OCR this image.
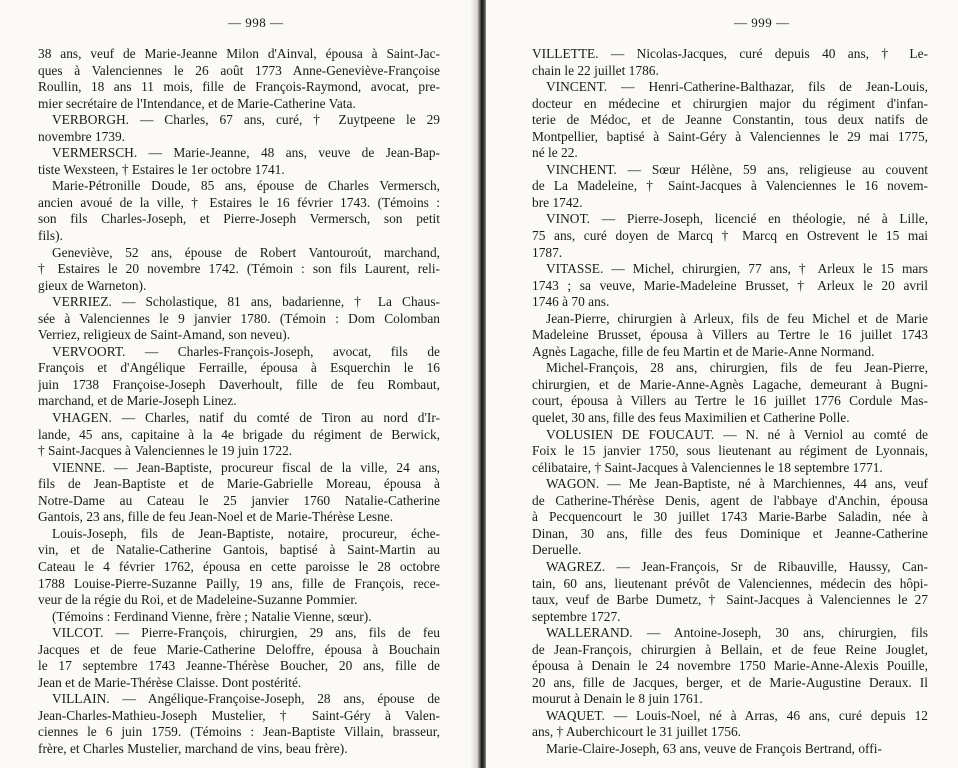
— 998 —
38 ans, veuf de Marie-Jeanne Milon d'Ainval, épousa à Saint-Jac-
ques à Valenciennes le 26 août 1773 Anne-Geneviève-Françoise
Roullin, 18 ans 11 mois, fille de François-Raymond, avocat, pre-
mier secrétaire de l'Intendance, et de Marie-Catherine Vata.
VERBORGH. — Charles, 67 ans, curé, † Zuytpeene le 29
novembre 1739.
VERMERSCH. — Marie-Jeanne, 48 ans, veuve de Jean-Bap-
tiste Wexsteen, † Estaires le 1er octobre 1741.
Marie-Pétronille Doude, 85 ans, épouse de Charles Vermersch,
ancien avoué de la ville, † Estaires le 16 février 1743. (Témoins :
son fils Charles-Joseph, et Pierre-Joseph Vermersch, son petit
fils).
Geneviève, 52 ans, épouse de Robert Vantouroút, marchand,
† Estaires le 20 novembre 1742. (Témoin : son fils Laurent, reli-
gieux de Warneton).
VERRIEZ. — Scholastique, 81 ans, badarienne, † La Chaus-
sée à Valenciennes le 9 janvier 1780. (Témoin : Dom Colomban
Verriez, religieux de Saint-Amand, son neveu).
VERVOORT. — Charles-François-Joseph, avocat, fils de
François et d'Angélique Ferraille, épousa à Esquerchin le 16
juin 1738 Françoise-Joseph Daverhoult, fille de feu Rombaut,
marchand, et de Marie-Joseph Linez.
VHAGEN. — Charles, natif du comté de Tiron au nord d'Ir-
lande, 45 ans, capitaine à la 4e brigade du régiment de Berwick,
† Saint-Jacques à Valenciennes le 19 juin 1722.
VIENNE. — Jean-Baptiste, procureur fiscal de la ville, 24 ans,
fils de Jean-Baptiste et de Marie-Gabrielle Moreau, épousa à
Notre-Dame au Cateau le 25 janvier 1760 Natalie-Catherine
Gantois, 23 ans, fille de feu Jean-Noel et de Marie-Thérèse Lesne.
Louis-Joseph, fils de Jean-Baptiste, notaire, procureur, éche-
vin, et de Natalie-Catherine Gantois, baptisé à Saint-Martin au
Cateau le 4 février 1762, épousa en cette paroisse le 28 octobre
1788 Louise-Pierre-Suzanne Pailly, 19 ans, fille de François, rece-
veur de la régie du Roi, et de Madeleine-Suzanne Pommier.
(Témoins : Ferdinand Vienne, frère ; Natalie Vienne, sœur).
VILCOT. — Pierre-François, chirurgien, 29 ans, fils de feu
Jacques et de feue Marie-Catherine Deloffre, épousa à Bouchain
le 17 septembre 1743 Jeanne-Thérèse Boucher, 20 ans, fille de
Jean et de Marie-Thérèse Claisse. Dont postérité.
VILLAIN. — Angélique-Françoise-Joseph, 28 ans, épouse de
Jean-Charles-Mathieu-Joseph Mustelier, † Saint-Géry à Valen-
ciennes le 6 juin 1759. (Témoins : Jean-Baptiste Villain, brasseur,
frère, et Charles Mustelier, marchand de vins, beau frère).
— 999 —
VILLETTE. — Nicolas-Jacques, curé depuis 40 ans, † Le-
chain le 22 juillet 1786.
VINCENT. — Henri-Catherine-Balthazar, fils de Jean-Louis,
docteur en médecine et chirurgien major du régiment d'infan-
terie de Médoc, et de Jeanne Constantin, tous deux natifs de
Montpellier, baptisé à Saint-Géry à Valenciennes le 29 mai 1775,
né le 22.
VINCHENT. — Sœur Hélène, 59 ans, religieuse au couvent
de La Madeleine, † Saint-Jacques à Valenciennes le 16 novem-
bre 1742.
VINOT. — Pierre-Joseph, licencié en théologie, né à Lille,
75 ans, curé doyen de Marcq † Marcq en Ostrevent le 15 mai
1787.
VITASSE. — Michel, chirurgien, 77 ans, † Arleux le 15 mars
1743 ; sa veuve, Marie-Madeleine Brusset, † Arleux le 20 avril
1746 à 70 ans.
Jean-Pierre, chirurgien à Arleux, fils de feu Michel et de Marie
Madeleine Brusset, épousa à Villers au Tertre le 16 juillet 1743
Agnès Lagache, fille de feu Martin et de Marie-Anne Normand.
Michel-François, 28 ans, chirurgien, fils de feu Jean-Pierre,
chirurgien, et de Marie-Anne-Agnès Lagache, demeurant à Bugni-
court, épousa à Villers au Tertre le 16 juillet 1776 Cordule Mas-
quelet, 30 ans, fille des feus Maximilien et Catherine Polle.
VOLUSIEN DE FOUCAUT. — N. né à Verniol au comté de
Foix le 15 janvier 1750, sous lieutenant au régiment de Lyonnais,
célibataire, † Saint-Jacques à Valenciennes le 18 septembre 1771.
WAGON. — Me Jean-Baptiste, né à Marchiennes, 44 ans, veuf
de Catherine-Thérèse Denis, agent de l'abbaye d'Anchin, épousa
à Pecquencourt le 30 juillet 1743 Marie-Barbe Saladin, née à
Dinan, 30 ans, fille des feus Dominique et Jeanne-Catherine
Deruelle.
WAGREZ. — Jean-François, Sr de Ribauville, Haussy, Can-
tain, 60 ans, lieutenant prévôt de Valenciennes, médecin des hôpi-
taux, veuf de Barbe Dumetz, † Saint-Jacques à Valenciennes le 27
septembre 1727.
WALLERAND. — Antoine-Joseph, 30 ans, chirurgien, fils
de Jean-François, chirurgien à Bellain, et de feue Reine Jouglet,
épousa à Denain le 24 novembre 1750 Marie-Anne-Alexis Pouille,
20 ans, fille de Jacques, berger, et de Marie-Augustine Deraux. Il
mourut à Denain le 8 juin 1761.
WAQUET. — Louis-Noel, né à Arras, 46 ans, curé depuis 12
ans, † Auberchicourt le 31 juillet 1756.
Marie-Claire-Joseph, 63 ans, veuve de François Bertrand, offi-
